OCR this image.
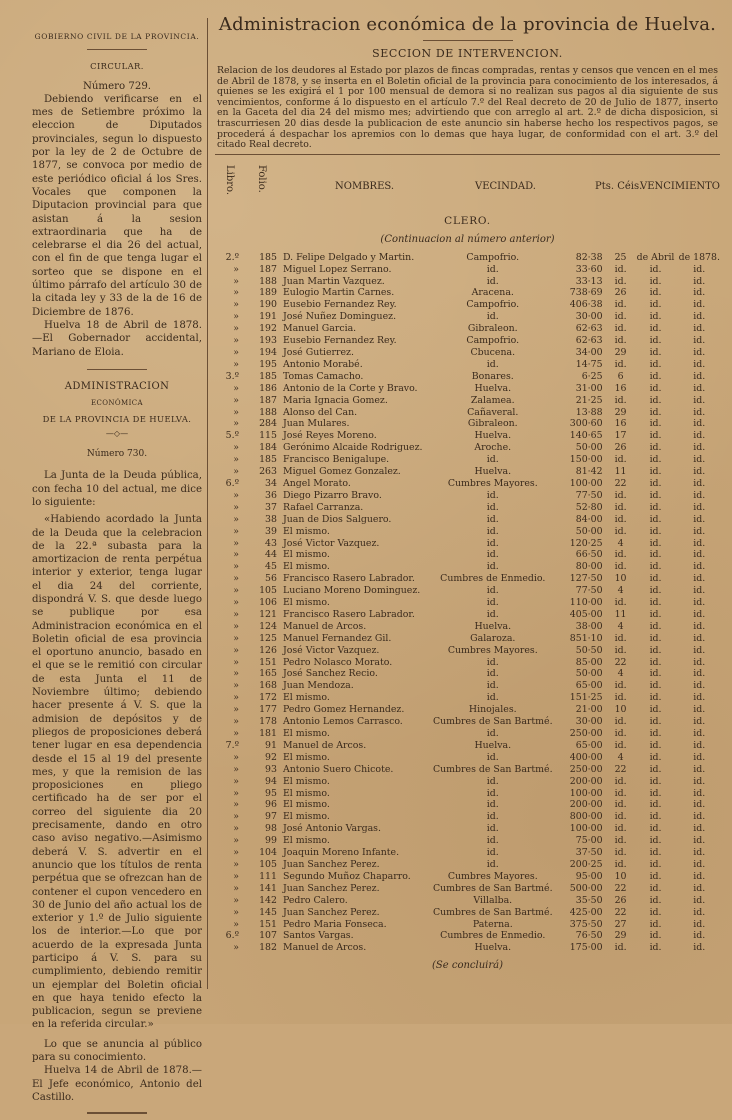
GOBIERNO CIVIL DE LA PROVINCIA.
CIRCULAR.
Número 729.

Debiendo verificarse en el mes de Setiembre próximo la eleccion de Diputados provinciales, segun lo dispuesto por la ley de 2 de Octubre de 1877, se convoca por medio de este periódico oficial á los Sres. Vocales que componen la Diputacion provincial para que asistan á la sesion extraordinaria que ha de celebrarse el dia 26 del actual, con el fin de que tenga lugar el sorteo que se dispone en el último párrafo del artículo 30 de la citada ley y 33 de la de 16 de Diciembre de 1876.

Huelva 18 de Abril de 1878. —El Gobernador accidental, Mariano de Eloia.

ADMINISTRACION
ECONÓMICA
DE LA PROVINCIA DE HUELVA.
—◇—
Número 730.

La Junta de la Deuda pública, con fecha 10 del actual, me dice lo siguiente:

«Habiendo acordado la Junta de la Deuda que la celebracion de la 22.ª subasta para la amortizacion de renta perpétua interior y exterior, tenga lugar el dia 24 del corriente, dispondrá V. S. que desde luego se publique por esa Administracion económica en el Boletin oficial de esa provincia el oportuno anuncio, basado en el que se le remitió con circular de esta Junta el 11 de Noviembre último; debiendo hacer presente á V. S. que la admision de depósitos y de pliegos de proposiciones deberá tener lugar en esa dependencia desde el 15 al 19 del presente mes, y que la remision de las proposiciones en pliego certificado ha de ser por el correo del siguiente dia 20 precisamente, dando en otro caso aviso negativo.—Asimismo deberá V. S. advertir en el anuncio que los títulos de renta perpétua que se ofrezcan han de contener el cupon vencedero en 30 de Junio del año actual los de exterior y 1.º de Julio siguiente los de interior.—Lo que por acuerdo de la expresada Junta participo á V. S. para su cumplimiento, debiendo remitir un ejemplar del Boletin oficial en que haya tenido efecto la publicacion, segun se previene en la referida circular.»

Lo que se anuncia al público para su conocimiento.

Huelva 14 de Abril de 1878.— El Jefe económico, Antonio del Castillo.

Administracion económica de la provincia de Huelva.
SECCION DE INTERVENCION.
Relacion de los deudores al Estado por plazos de fincas compradas, rentas y censos que vencen en el mes de Abril de 1878, y se inserta en el Boletin oficial de la provincia para conocimiento de los interesados, á quienes se les exigirá el 1 por 100 mensual de demora si no realizan sus pagos al dia siguiente de sus vencimientos, conforme á lo dispuesto en el artículo 7.º del Real decreto de 20 de Julio de 1877, inserto en la Gaceta del dia 24 del mismo mes; advirtiendo que con arreglo al art. 2.º de dicha disposicion, si trascurriesen 20 dias desde la publicacion de este anuncio sin haberse hecho los respectivos pagos, se procederá á despachar los apremios con lo demas que haya lugar, de conformidad con el art. 3.º del citado Real decreto.
Libro. Folio.	NOMBRES.	VECINDAD.	Pts. Céis.
VENCIMIENTO
CLERO.
(Continuacion al número anterior)
2.º	185	D. Felipe Delgado y Martin.	Campofrio.	82·38	25	de Abril	de 1878.
»	187	Miguel Lopez Serrano.	id.	33·60	id.	id.	id.
»	188	Juan Martin Vazquez.	id.	33·13	id.	id.	id.
»	189	Eulogio Martin Carnes.	Aracena.	738·69	26	id.	id.
»	190	Eusebio Fernandez Rey.	Campofrio.	406·38	id.	id.	id.
»	191	José Nuñez Dominguez.	id.	30·00	id.	id.	id.
»	192	Manuel Garcia.	Gibraleon.	62·63	id.	id.	id.
»	193	Eusebio Fernandez Rey.	Campofrio.	62·63	id.	id.	id.
»	194	José Gutierrez.	Cbucena.	34·00	29	id.	id.
»	195	Antonio Morabé.	id.	14·75	id.	id.	id.
3.º	185	Tomas Camacho.	Bonares.	6·25	6	id.	id.
»	186	Antonio de la Corte y Bravo.	Huelva.	31·00	16	id.	id.
»	187	Maria Ignacia Gomez.	Zalamea.	21·25	id.	id.	id.
»	188	Alonso del Can.	Cañaveral.	13·88	29	id.	id.
»	284	Juan Mulares.	Gibraleon.	300·60	16	id.	id.
5.º	115	José Reyes Moreno.	Huelva.	140·65	17	id.	id.
»	184	Gerónimo Alcaide Rodriguez.	Aroche.	50·00	26	id.	id.
»	185	Francisco Benigalupe.	id.	150·00	id.	id.	id.
»	263	Miguel Gomez Gonzalez.	Huelva.	81·42	11	id.	id.
6.º	34	Angel Morato.	Cumbres Mayores.	100·00	22	id.	id.
»	36	Diego Pizarro Bravo.	id.	77·50	id.	id.	id.
»	37	Rafael Carranza.	id.	52·80	id.	id.	id.
»	38	Juan de Dios Salguero.	id.	84·00	id.	id.	id.
»	39	El mismo.	id.	50·00	id.	id.	id.
»	43	José Victor Vazquez.	id.	120·25	4	id.	id.
»	44	El mismo.	id.	66·50	id.	id.	id.
»	45	El mismo.	id.	80·00	id.	id.	id.
»	56	Francisco Rasero Labrador.	Cumbres de Enmedio.	127·50	10	id.	id.
»	105	Luciano Moreno Dominguez.	id.	77·50	4	id.	id.
»	106	El mismo.	id.	110·00	id.	id.	id.
»	121	Francisco Rasero Labrador.	id.	405·00	11	id.	id.
»	124	Manuel de Arcos.	Huelva.	38·00	4	id.	id.
»	125	Manuel Fernandez Gil.	Galaroza.	851·10	id.	id.	id.
»	126	José Victor Vazquez.	Cumbres Mayores.	50·50	id.	id.	id.
»	151	Pedro Nolasco Morato.	id.	85·00	22	id.	id.
»	165	José Sanchez Recio.	id.	50·00	4	id.	id.
»	168	Juan Mendoza.	id.	65·00	id.	id.	id.
»	172	El mismo.	id.	151·25	id.	id.	id.
»	177	Pedro Gomez Hernandez.	Hinojales.	21·00	10	id.	id.
»	178	Antonio Lemos Carrasco.	Cumbres de San Bartmé.	30·00	id.	id.	id.
»	181	El mismo.	id.	250·00	id.	id.	id.
7.º	91	Manuel de Arcos.	Huelva.	65·00	id.	id.	id.
»	92	El mismo.	id.	400·00	4	id.	id.
»	93	Antonio Suero Chicote.	Cumbres de San Bartmé.	250·00	22	id.	id.
»	94	El mismo.	id.	200·00	id.	id.	id.
»	95	El mismo.	id.	100·00	id.	id.	id.
»	96	El mismo.	id.	200·00	id.	id.	id.
»	97	El mismo.	id.	800·00	id.	id.	id.
»	98	José Antonio Vargas.	id.	100·00	id.	id.	id.
»	99	El mismo.	id.	75·00	id.	id.	id.
»	104	Joaquin Moreno Infante.	id.	37·50	id.	id.	id.
»	105	Juan Sanchez Perez.	id.	200·25	id.	id.	id.
»	111	Segundo Muñoz Chaparro.	Cumbres Mayores.	95·00	10	id.	id.
»	141	Juan Sanchez Perez.	Cumbres de San Bartmé.	500·00	22	id.	id.
»	142	Pedro Calero.	Villalba.	35·50	26	id.	id.
»	145	Juan Sanchez Perez.	Cumbres de San Bartmé.	425·00	22	id.	id.
»	151	Pedro Maria Fonseca.	Paterna.	375·50	27	id.	id.
6.º	107	Santos Vargas.	Cumbres de Enmedio.	76·50	29	id.	id.
»	182	Manuel de Arcos.	Huelva.	175·00	id.	id.	id.
(Se concluirá)
